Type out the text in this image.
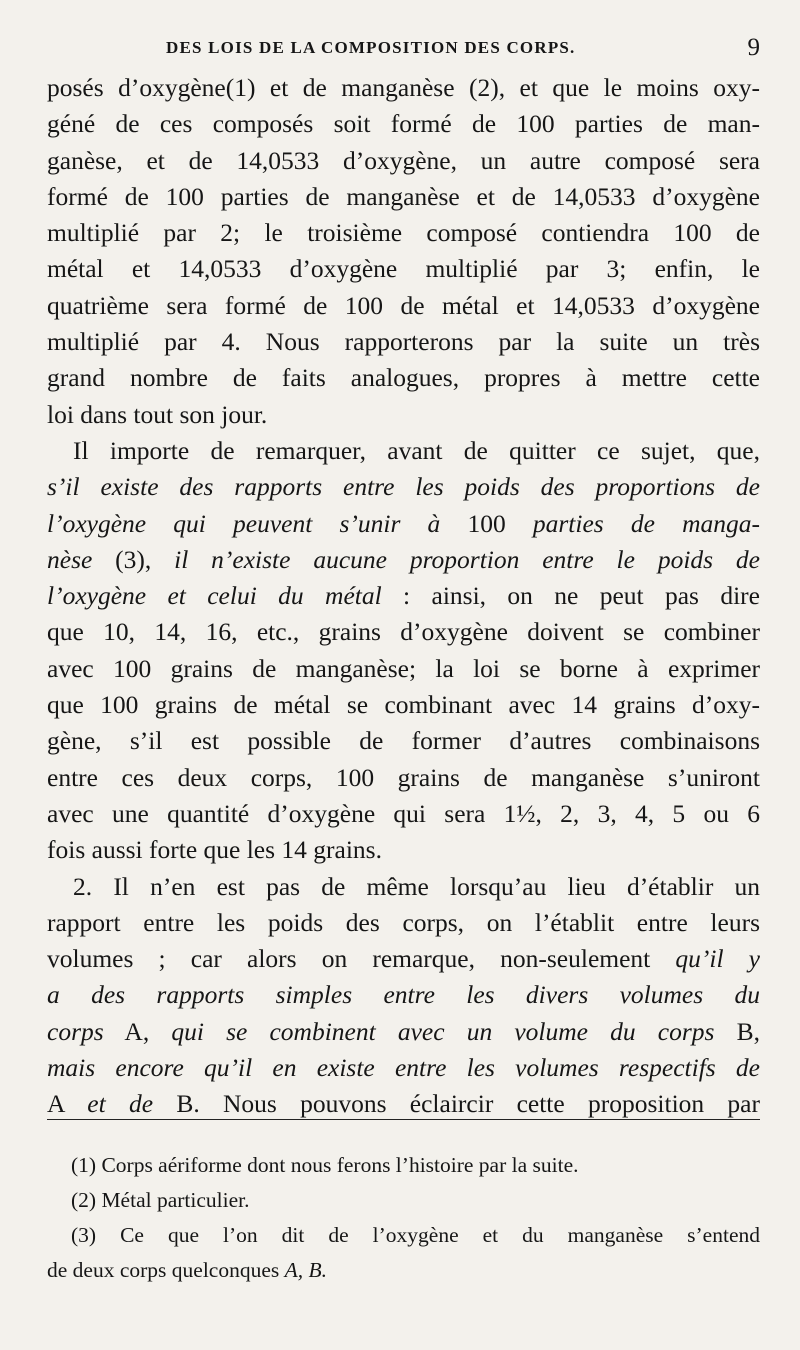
DES LOIS DE LA COMPOSITION DES CORPS.	9
posés d’oxygène(1) et de manganèse (2), et que le moins oxy-
géné de ces composés soit formé de 100 parties de man-
ganèse, et de 14,0533 d’oxygène, un autre composé sera
formé de 100 parties de manganèse et de 14,0533 d’oxygène
multiplié par 2; le troisième composé contiendra 100 de
métal et 14,0533 d’oxygène multiplié par 3; enfin, le
quatrième sera formé de 100 de métal et 14,0533 d’oxygène
multiplié par 4. Nous rapporterons par la suite un très
grand nombre de faits analogues, propres à mettre cette
loi dans tout son jour.
Il importe de remarquer, avant de quitter ce sujet, que,
s’il existe des rapports entre les poids des proportions de
l’oxygène qui peuvent s’unir à 100 parties de manga-
nèse (3), il n’existe aucune proportion entre le poids de
l’oxygène et celui du métal : ainsi, on ne peut pas dire
que 10, 14, 16, etc., grains d’oxygène doivent se combiner
avec 100 grains de manganèse; la loi se borne à exprimer
que 100 grains de métal se combinant avec 14 grains d’oxy-
gène, s’il est possible de former d’autres combinaisons
entre ces deux corps, 100 grains de manganèse s’uniront
avec une quantité d’oxygène qui sera 1½, 2, 3, 4, 5 ou 6
fois aussi forte que les 14 grains.
2. Il n’en est pas de même lorsqu’au lieu d’établir un
rapport entre les poids des corps, on l’établit entre leurs
volumes ; car alors on remarque, non-seulement qu’il y
a des rapports simples entre les divers volumes du
corps A, qui se combinent avec un volume du corps B,
mais encore qu’il en existe entre les volumes respectifs de
A et de B. Nous pouvons éclaircir cette proposition par
(1) Corps aériforme dont nous ferons l’histoire par la suite.
(2) Métal particulier.
(3) Ce que l’on dit de l’oxygène et du manganèse s’entend
de deux corps quelconques A, B.
